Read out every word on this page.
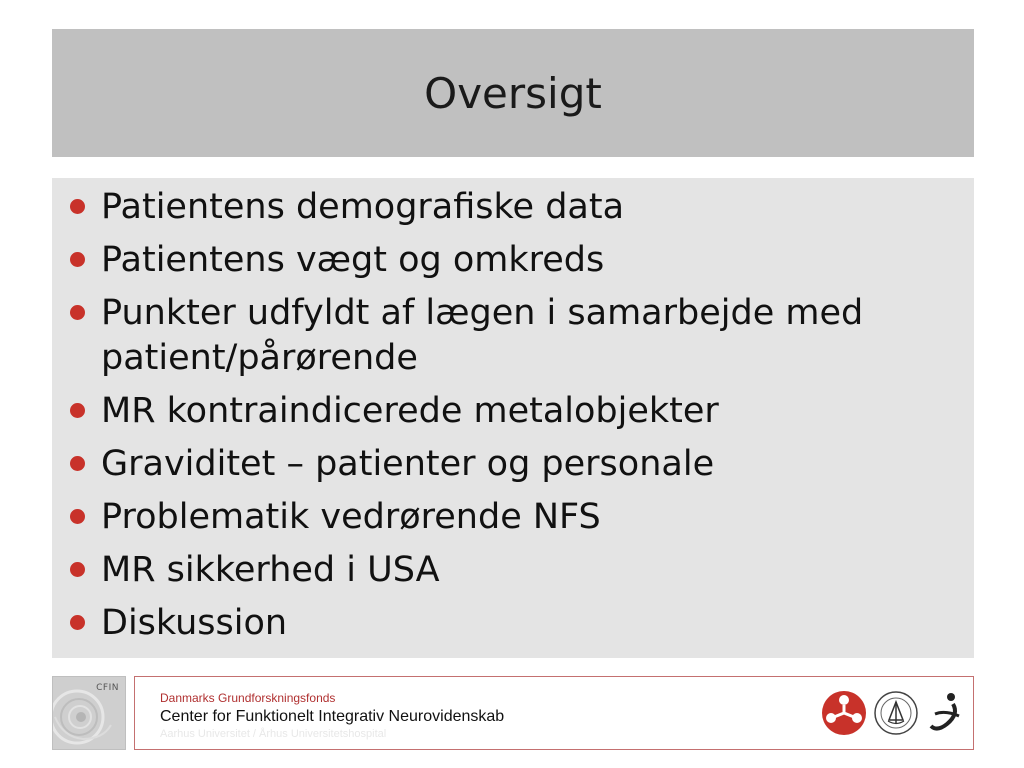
Oversigt
Patientens demografiske data
Patientens vægt og omkreds
Punkter udfyldt af lægen i samarbejde med patient/pårørende
MR kontraindicerede metalobjekter
Graviditet – patienter og personale
Problematik vedrørende NFS
MR sikkerhed i USA
Diskussion
CFIN
Danmarks Grundforskningsfonds
Center for Funktionelt Integrativ Neurovidenskab
Aarhus Universitet / Århus Universitetshospital
